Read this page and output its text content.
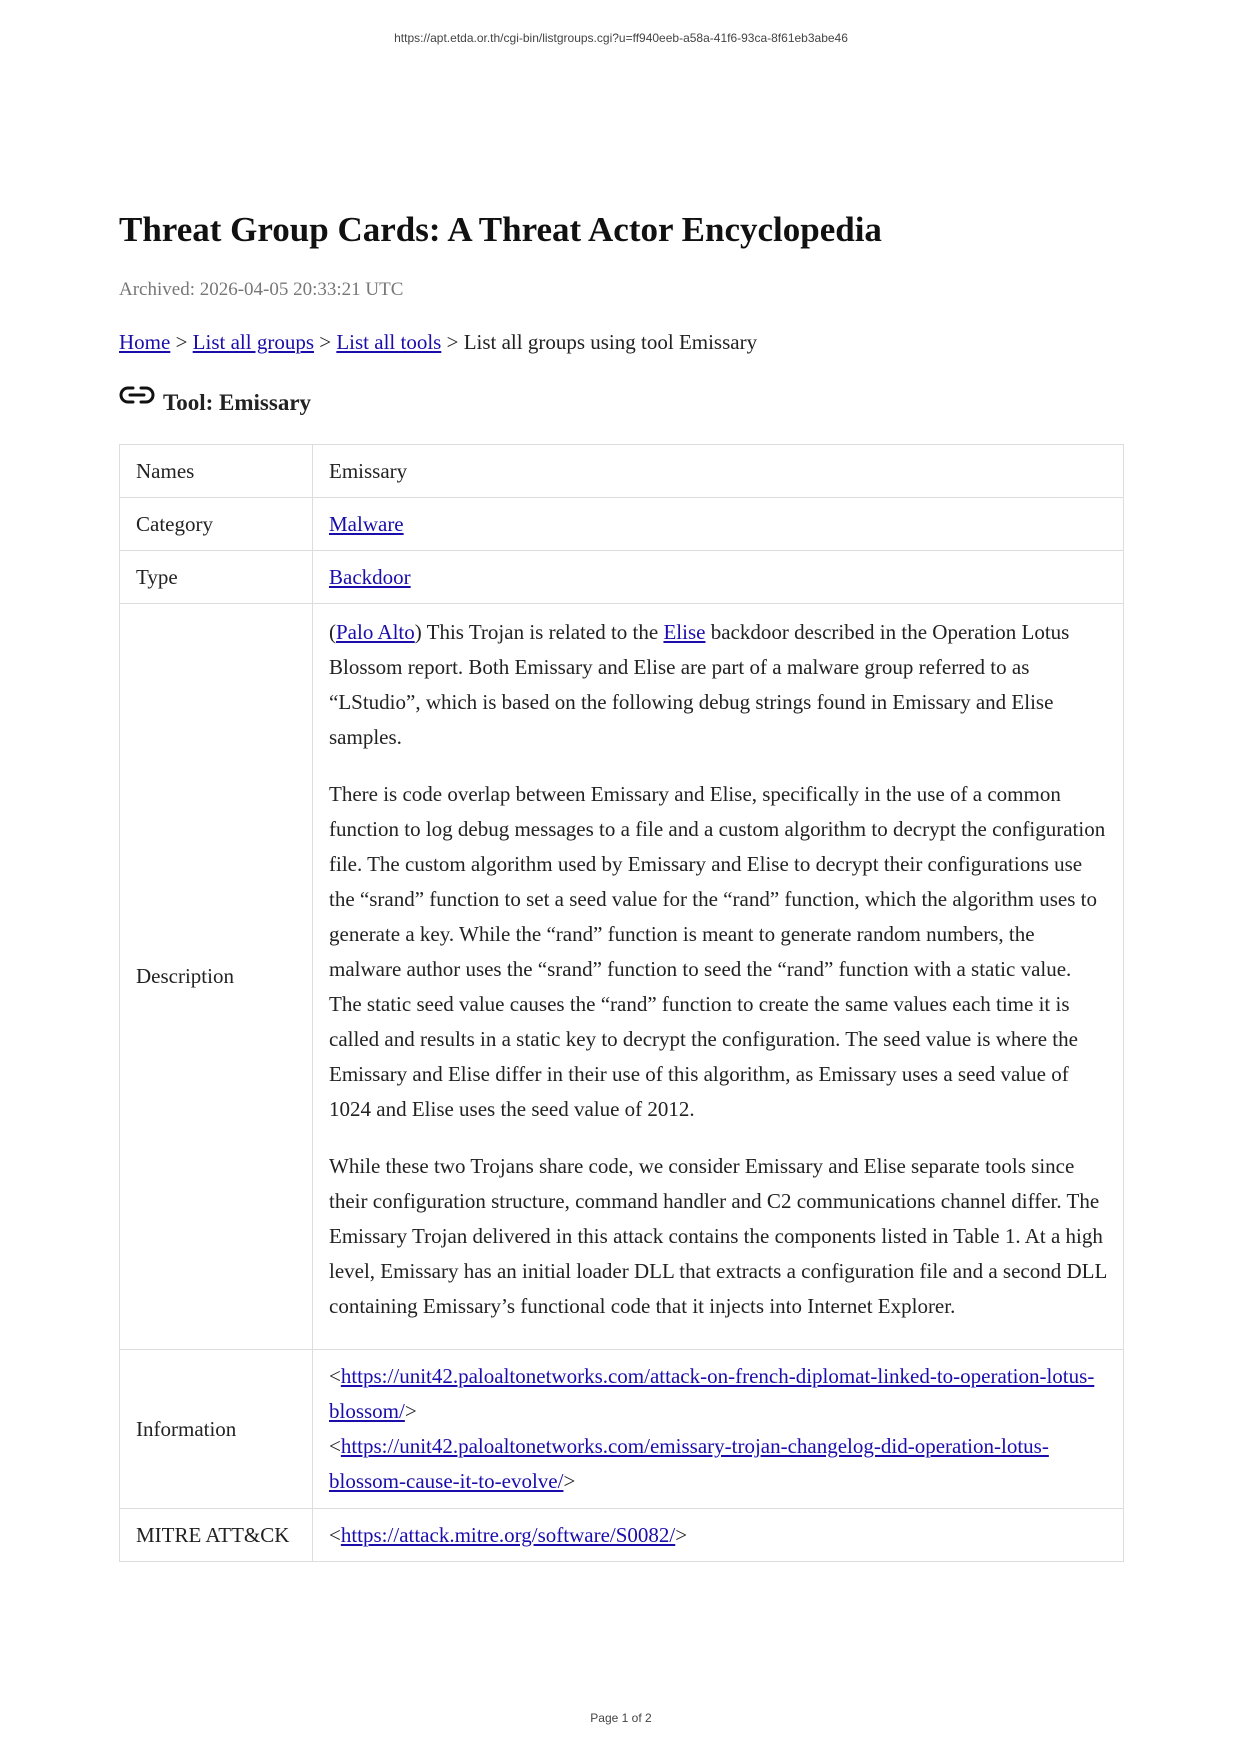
https://apt.etda.or.th/cgi-bin/listgroups.cgi?u=ff940eeb-a58a-41f6-93ca-8f61eb3abe46
Threat Group Cards: A Threat Actor Encyclopedia
Archived: 2026-04-05 20:33:21 UTC
Home > List all groups > List all tools > List all groups using tool Emissary
Tool: Emissary
Names	Emissary
Category	Malware
Type	Backdoor
Description	(Palo Alto) This Trojan is related to the Elise backdoor described in the Operation Lotus Blossom report. Both Emissary and Elise are part of a malware group referred to as “LStudio”, which is based on the following debug strings found in Emissary and Elise samples.

There is code overlap between Emissary and Elise, specifically in the use of a common function to log debug messages to a file and a custom algorithm to decrypt the configuration file. The custom algorithm used by Emissary and Elise to decrypt their configurations use the “srand” function to set a seed value for the “rand” function, which the algorithm uses to generate a key. While the “rand” function is meant to generate random numbers, the malware author uses the “srand” function to seed the “rand” function with a static value. The static seed value causes the “rand” function to create the same values each time it is called and results in a static key to decrypt the configuration. The seed value is where the Emissary and Elise differ in their use of this algorithm, as Emissary uses a seed value of 1024 and Elise uses the seed value of 2012.

While these two Trojans share code, we consider Emissary and Elise separate tools since their configuration structure, command handler and C2 communications channel differ. The Emissary Trojan delivered in this attack contains the components listed in Table 1. At a high level, Emissary has an initial loader DLL that extracts a configuration file and a second DLL containing Emissary’s functional code that it injects into Internet Explorer.

Information	<https://unit42.paloaltonetworks.com/attack-on-french-diplomat-linked-to-operation-lotus-blossom/>
<https://unit42.paloaltonetworks.com/emissary-trojan-changelog-did-operation-lotus-blossom-cause-it-to-evolve/>

MITRE ATT&CK	<https://attack.mitre.org/software/S0082/>
Page 1 of 2
